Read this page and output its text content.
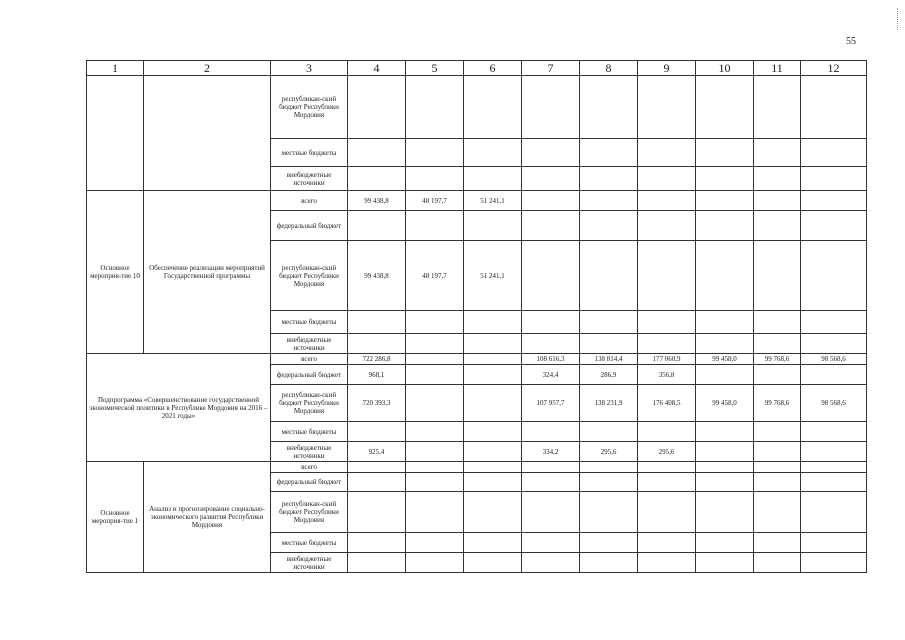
55
1	2	3	4	5	6	7	8	9	10	11	12
		республикан-ский бюджет Республики Мордовия									
		местные бюджеты									
		внебюджетные источники									
Основное мероприя-тие 10	Обеспечение реализации мероприятий Государственной программы	всего	99 438,8	48 197,7	51 241,1						
		федеральный бюджет									
		республикан-ский бюджет Республики Мордовия	99 438,8	48 197,7	51 241,1						
		местные бюджеты									
		внебюджетные источники									
Подпрограмма «Совершенствование государственной экономической политики в Республике Мордовия на 2016 – 2021 годы»		всего	722 286,8			108 616,3	138 814,4	177 060,9	99 458,0	99 768,6	98 568,6
		федеральный бюджет	968,1			324,4	286,9	356,8			
		республикан-ский бюджет Республики Мордовия	720 393,3			107 957,7	138 231,9	176 408,5	99 458,0	99 768,6	98 568,6
		местные бюджеты									
		внебюджетные источники	925,4			334,2	295,6	295,6			
Основное мероприя-тие 1	Анализ и прогнозирование социально-экономического развития Республики Мордовия	всего									
		федеральный бюджет									
		республикан-ский бюджет Республики Мордовия									
		местные бюджеты									
		внебюджетные источники									
